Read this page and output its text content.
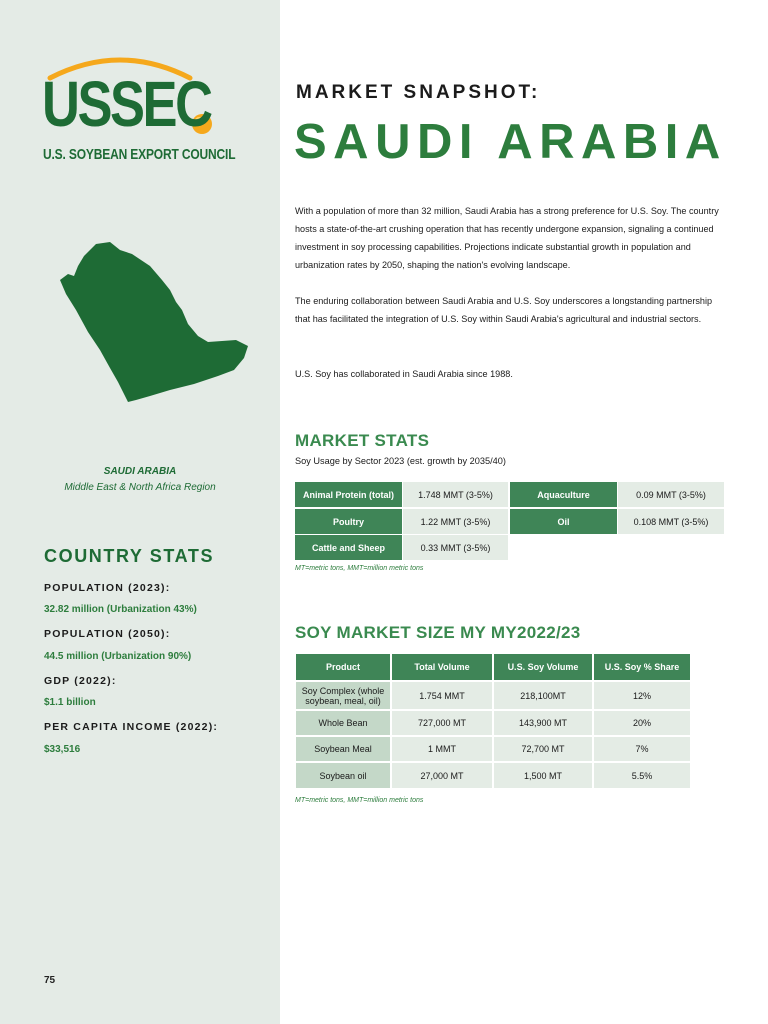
USSEC
U.S. SOYBEAN EXPORT COUNCIL
SAUDI ARABIA
Middle East & North Africa Region
COUNTRY STATS
POPULATION (2023):
32.82 million (Urbanization 43%)
POPULATION (2050):
44.5 million (Urbanization 90%)
GDP (2022):
$1.1 billion
PER CAPITA INCOME (2022):
$33,516
75
MARKET SNAPSHOT:
SAUDI ARABIA

With a population of more than 32 million, Saudi Arabia has a strong preference for U.S. Soy. The country hosts a state-of-the-art crushing operation that has recently undergone expansion, signaling a continued investment in soy processing capabilities. Projections indicate substantial growth in population and urbanization rates by 2050, shaping the nation's evolving landscape.

The enduring collaboration between Saudi Arabia and U.S. Soy underscores a longstanding partnership that has facilitated the integration of U.S. Soy within Saudi Arabia's agricultural and industrial sectors.

U.S. Soy has collaborated in Saudi Arabia since 1988.

MARKET STATS
Soy Usage by Sector 2023 (est. growth by 2035/40)
Animal Protein (total)	1.748 MMT (3-5%)	Aquaculture	0.09 MMT (3-5%)
Poultry	1.22 MMT (3-5%)	Oil	0.108 MMT (3-5%)
Cattle and Sheep	0.33 MMT (3-5%)
MT=metric tons, MMT=million metric tons
SOY MARKET SIZE MY MY2022/23
Product	Total Volume	U.S. Soy Volume	U.S. Soy % Share
Soy Complex (whole soybean, meal, oil)	1.754 MMT	218,100MT	12%
Whole Bean	727,000 MT	143,900 MT	20%
Soybean Meal	1 MMT	72,700 MT	7%
Soybean oil	27,000 MT	1,500 MT	5.5%
MT=metric tons, MMT=million metric tons
